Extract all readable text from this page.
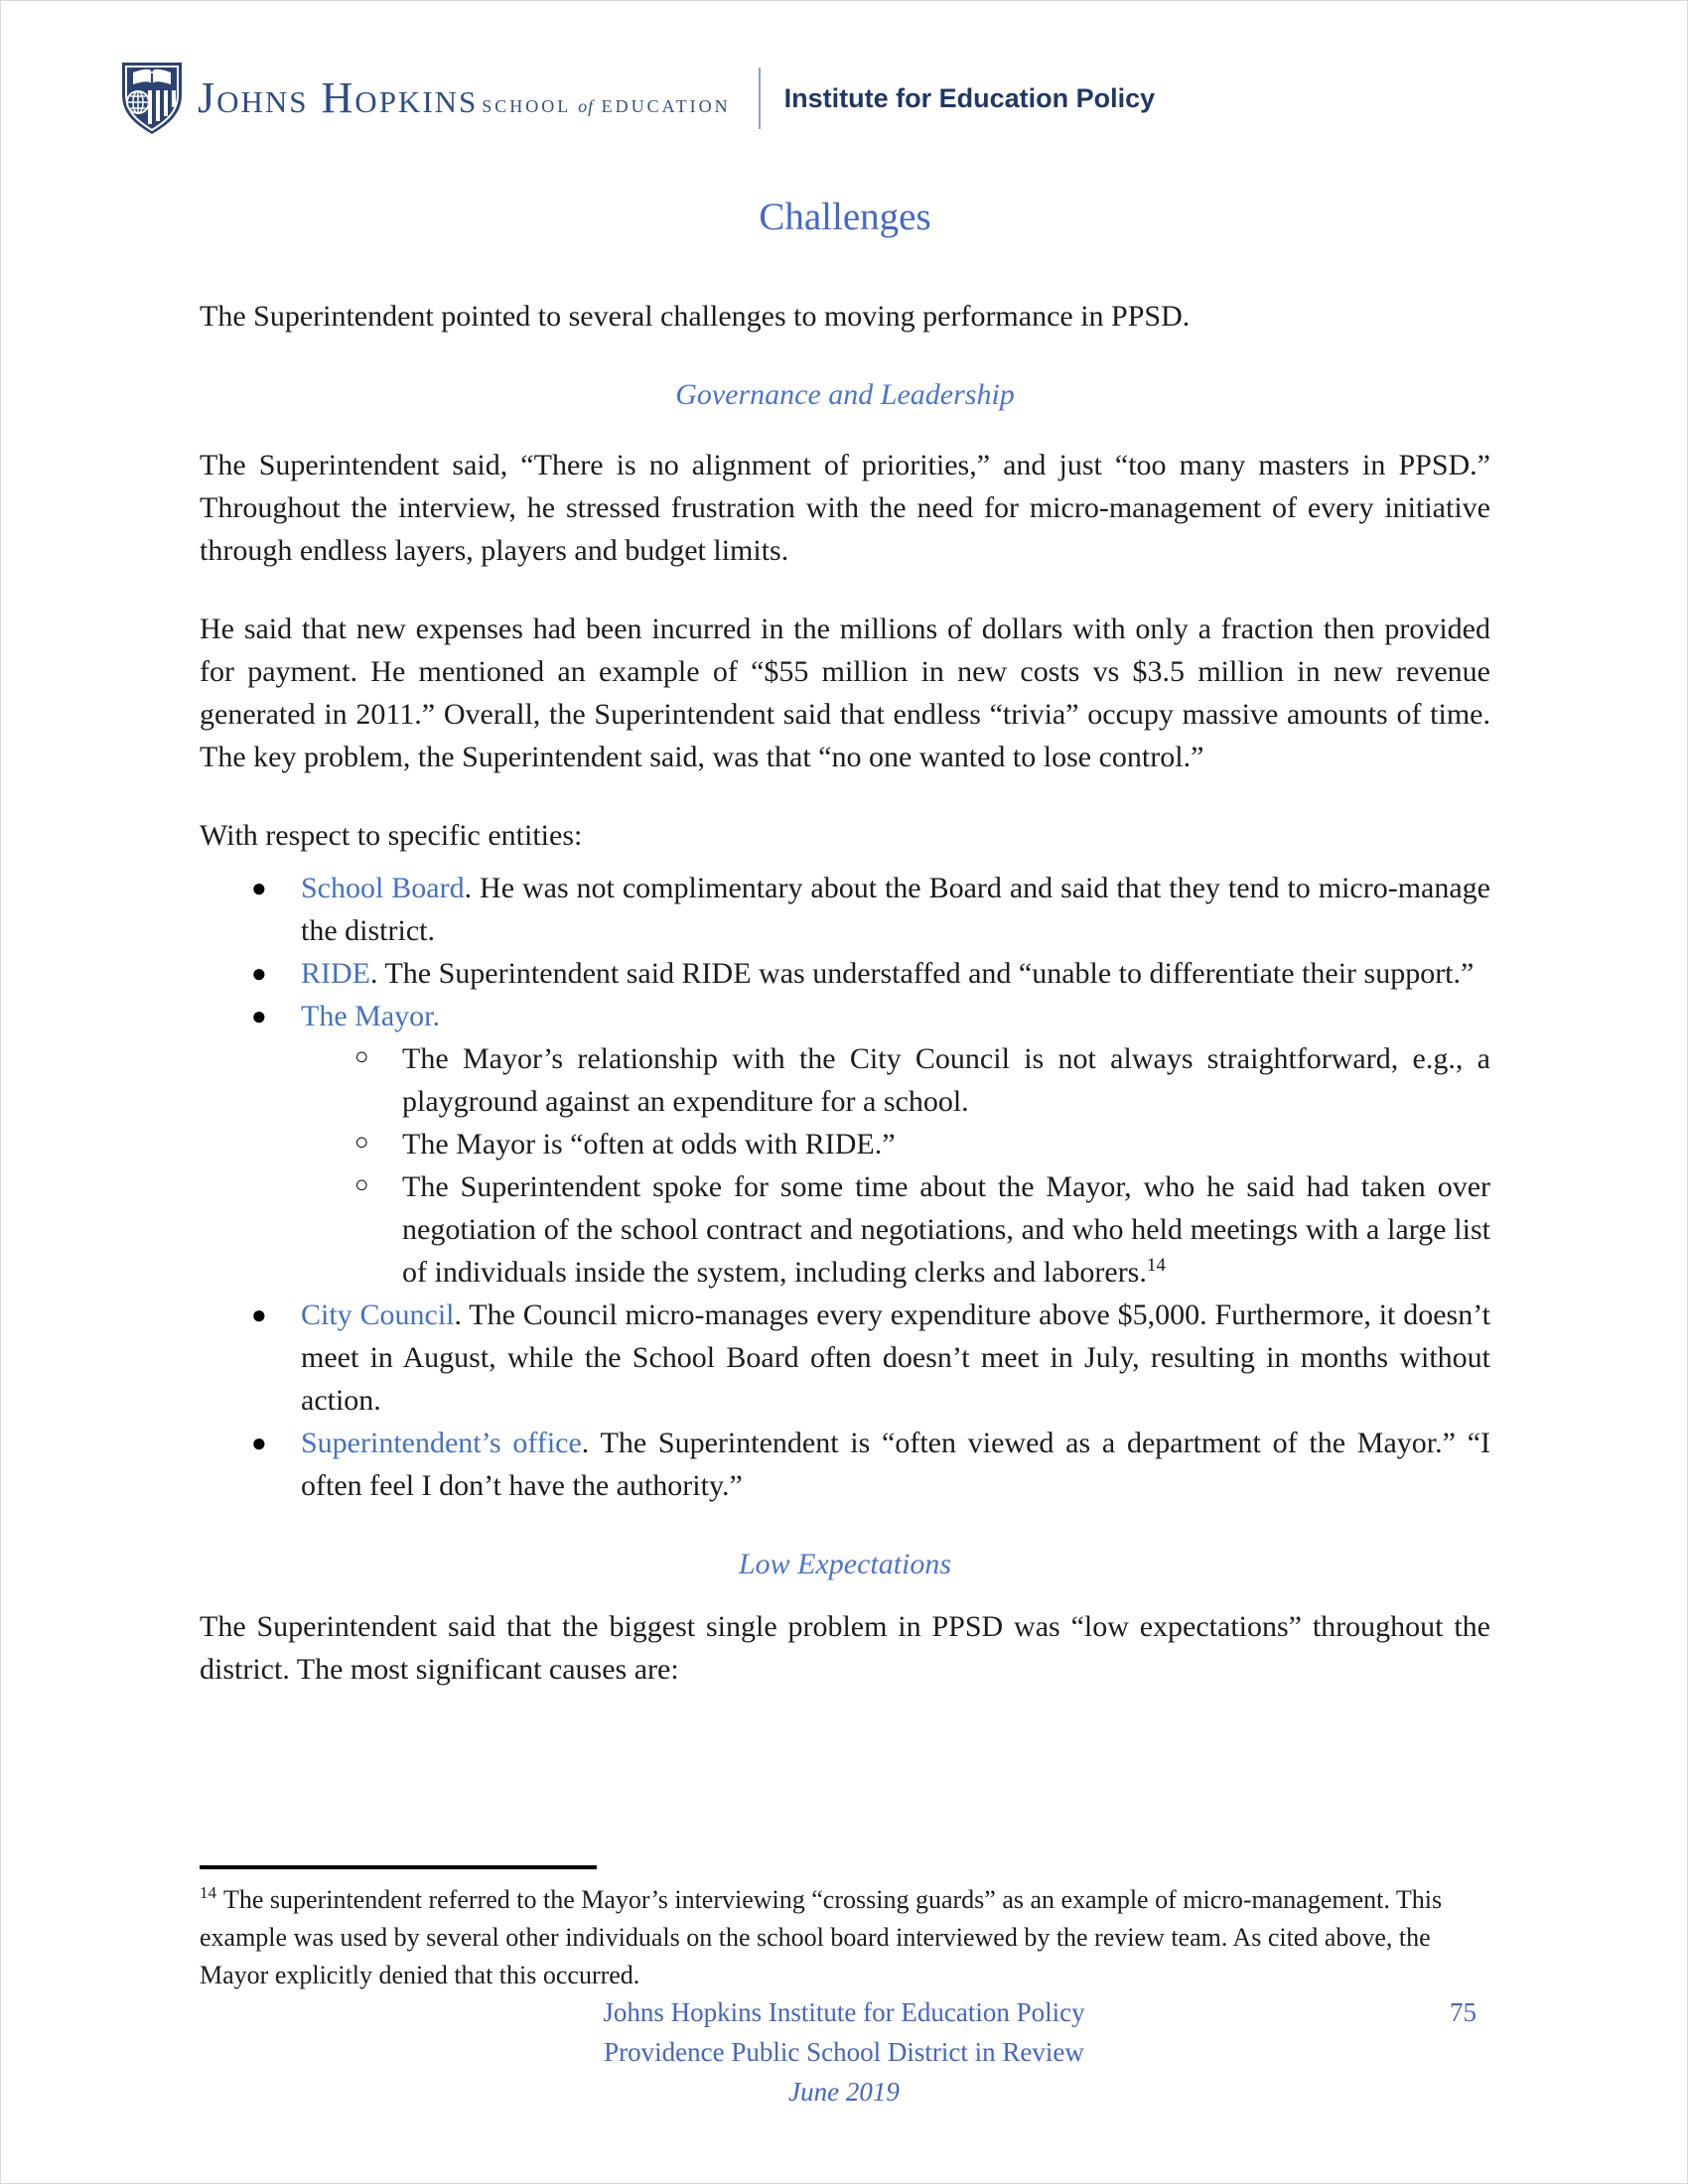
Johns Hopkins SCHOOL of EDUCATION Institute for Education Policy
Challenges

The Superintendent pointed to several challenges to moving performance in PPSD.

Governance and Leadership

The Superintendent said, “There is no alignment of priorities,” and just “too many masters in PPSD.” Throughout the interview, he stressed frustration with the need for micro-management of every initiative through endless layers, players and budget limits.

He said that new expenses had been incurred in the millions of dollars with only a fraction then provided for payment. He mentioned an example of “$55 million in new costs vs $3.5 million in new revenue generated in 2011.” Overall, the Superintendent said that endless “trivia” occupy massive amounts of time. The key problem, the Superintendent said, was that “no one wanted to lose control.”

With respect to specific entities:

● School Board. He was not complimentary about the Board and said that they tend to micro-manage the district.
● RIDE. The Superintendent said RIDE was understaffed and “unable to differentiate their support.”
● The Mayor.
○ The Mayor’s relationship with the City Council is not always straightforward, e.g., a playground against an expenditure for a school.
○ The Mayor is “often at odds with RIDE.”
○ The Superintendent spoke for some time about the Mayor, who he said had taken over negotiation of the school contract and negotiations, and who held meetings with a large list of individuals inside the system, including clerks and laborers.$^{14}$
● City Council. The Council micro-manages every expenditure above $5,000. Furthermore, it doesn’t meet in August, while the School Board often doesn’t meet in July, resulting in months without action.
● Superintendent’s office. The Superintendent is “often viewed as a department of the Mayor.” “I often feel I don’t have the authority.”
Low Expectations

The Superintendent said that the biggest single problem in PPSD was “low expectations” throughout the district. The most significant causes are:

$^{14}$ The superintendent referred to the Mayor’s interviewing “crossing guards” as an example of micro-management. This example was used by several other individuals on the school board interviewed by the review team. As cited above, the Mayor explicitly denied that this occurred.

Johns Hopkins Institute for Education Policy
Providence Public School District in Review
June 2019
75
